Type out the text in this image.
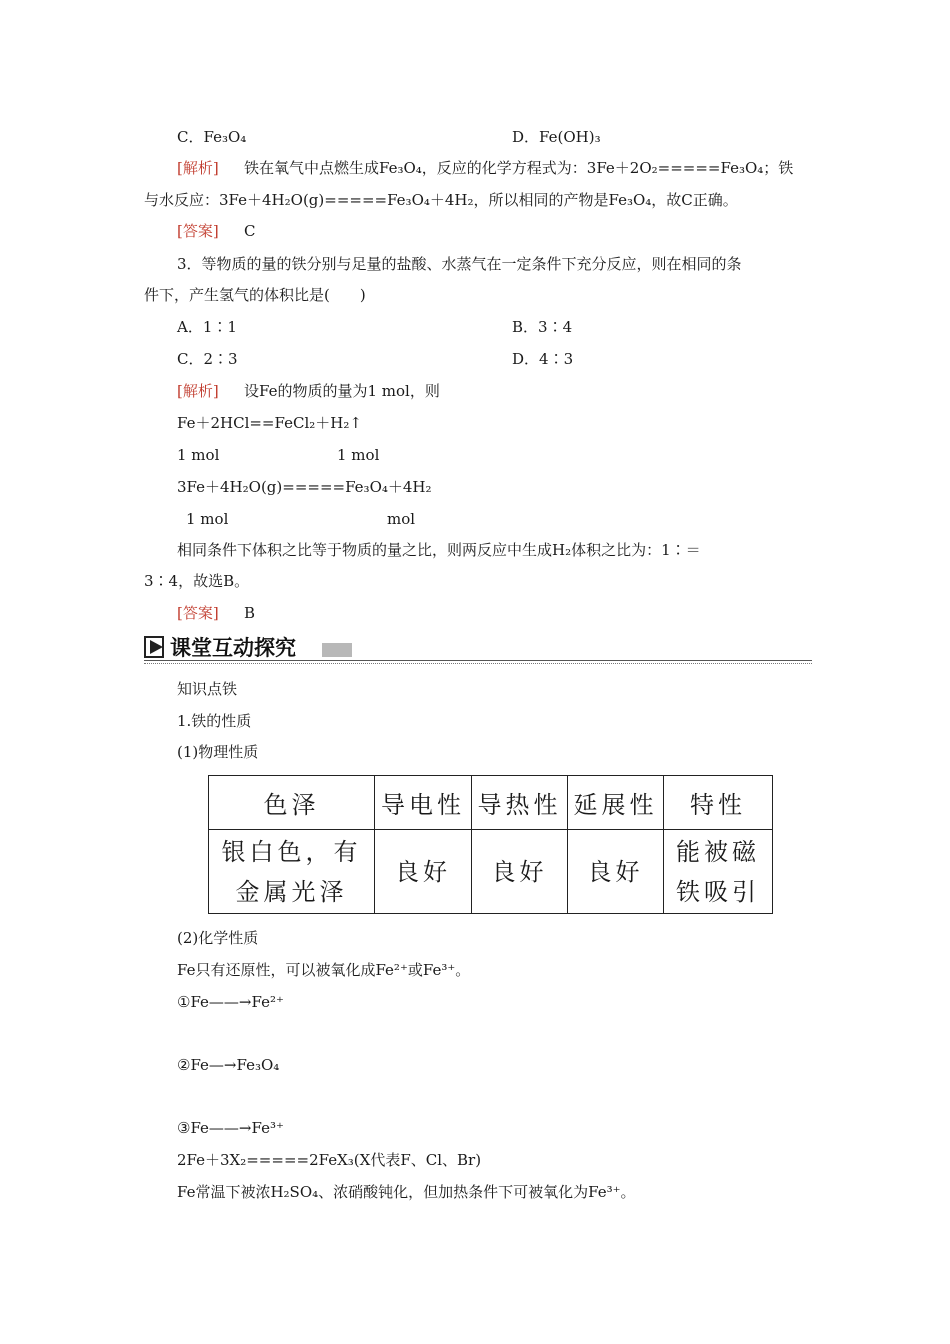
C．Fe₃O₄	D．Fe(OH)₃
[解析] 铁在氧气中点燃生成Fe₃O₄，反应的化学方程式为：3Fe＋2O₂=====Fe₃O₄；铁
与水反应：3Fe＋4H₂O(g)=====Fe₃O₄＋4H₂，所以相同的产物是Fe₃O₄，故C正确。
[答案] C
3．等物质的量的铁分别与足量的盐酸、水蒸气在一定条件下充分反应，则在相同的条
件下，产生氢气的体积比是(　　)
A．1∶1	B．3∶4
C．2∶3	D．4∶3
[解析] 设Fe的物质的量为1 mol，则
Fe＋2HCl==FeCl₂＋H₂↑
1 mol	1 mol
3Fe＋4H₂O(g)=====Fe₃O₄＋4H₂
1 mol	mol
相同条件下体积之比等于物质的量之比，则两反应中生成H₂体积之比为：1∶＝
3∶4，故选B。
[答案] B
课堂互动探究
知识点铁
1.铁的性质
(1)物理性质
色泽	导电性	导热性	延展性	特性
银白色，有
金属光泽	良好	良好	良好	能被磁
铁吸引
(2)化学性质
Fe只有还原性，可以被氧化成Fe²⁺或Fe³⁺。
①Fe——→Fe²⁺
②Fe—→Fe₃O₄
③Fe——→Fe³⁺
2Fe＋3X₂=====2FeX₃(X代表F、Cl、Br)
Fe常温下被浓H₂SO₄、浓硝酸钝化，但加热条件下可被氧化为Fe³⁺。
